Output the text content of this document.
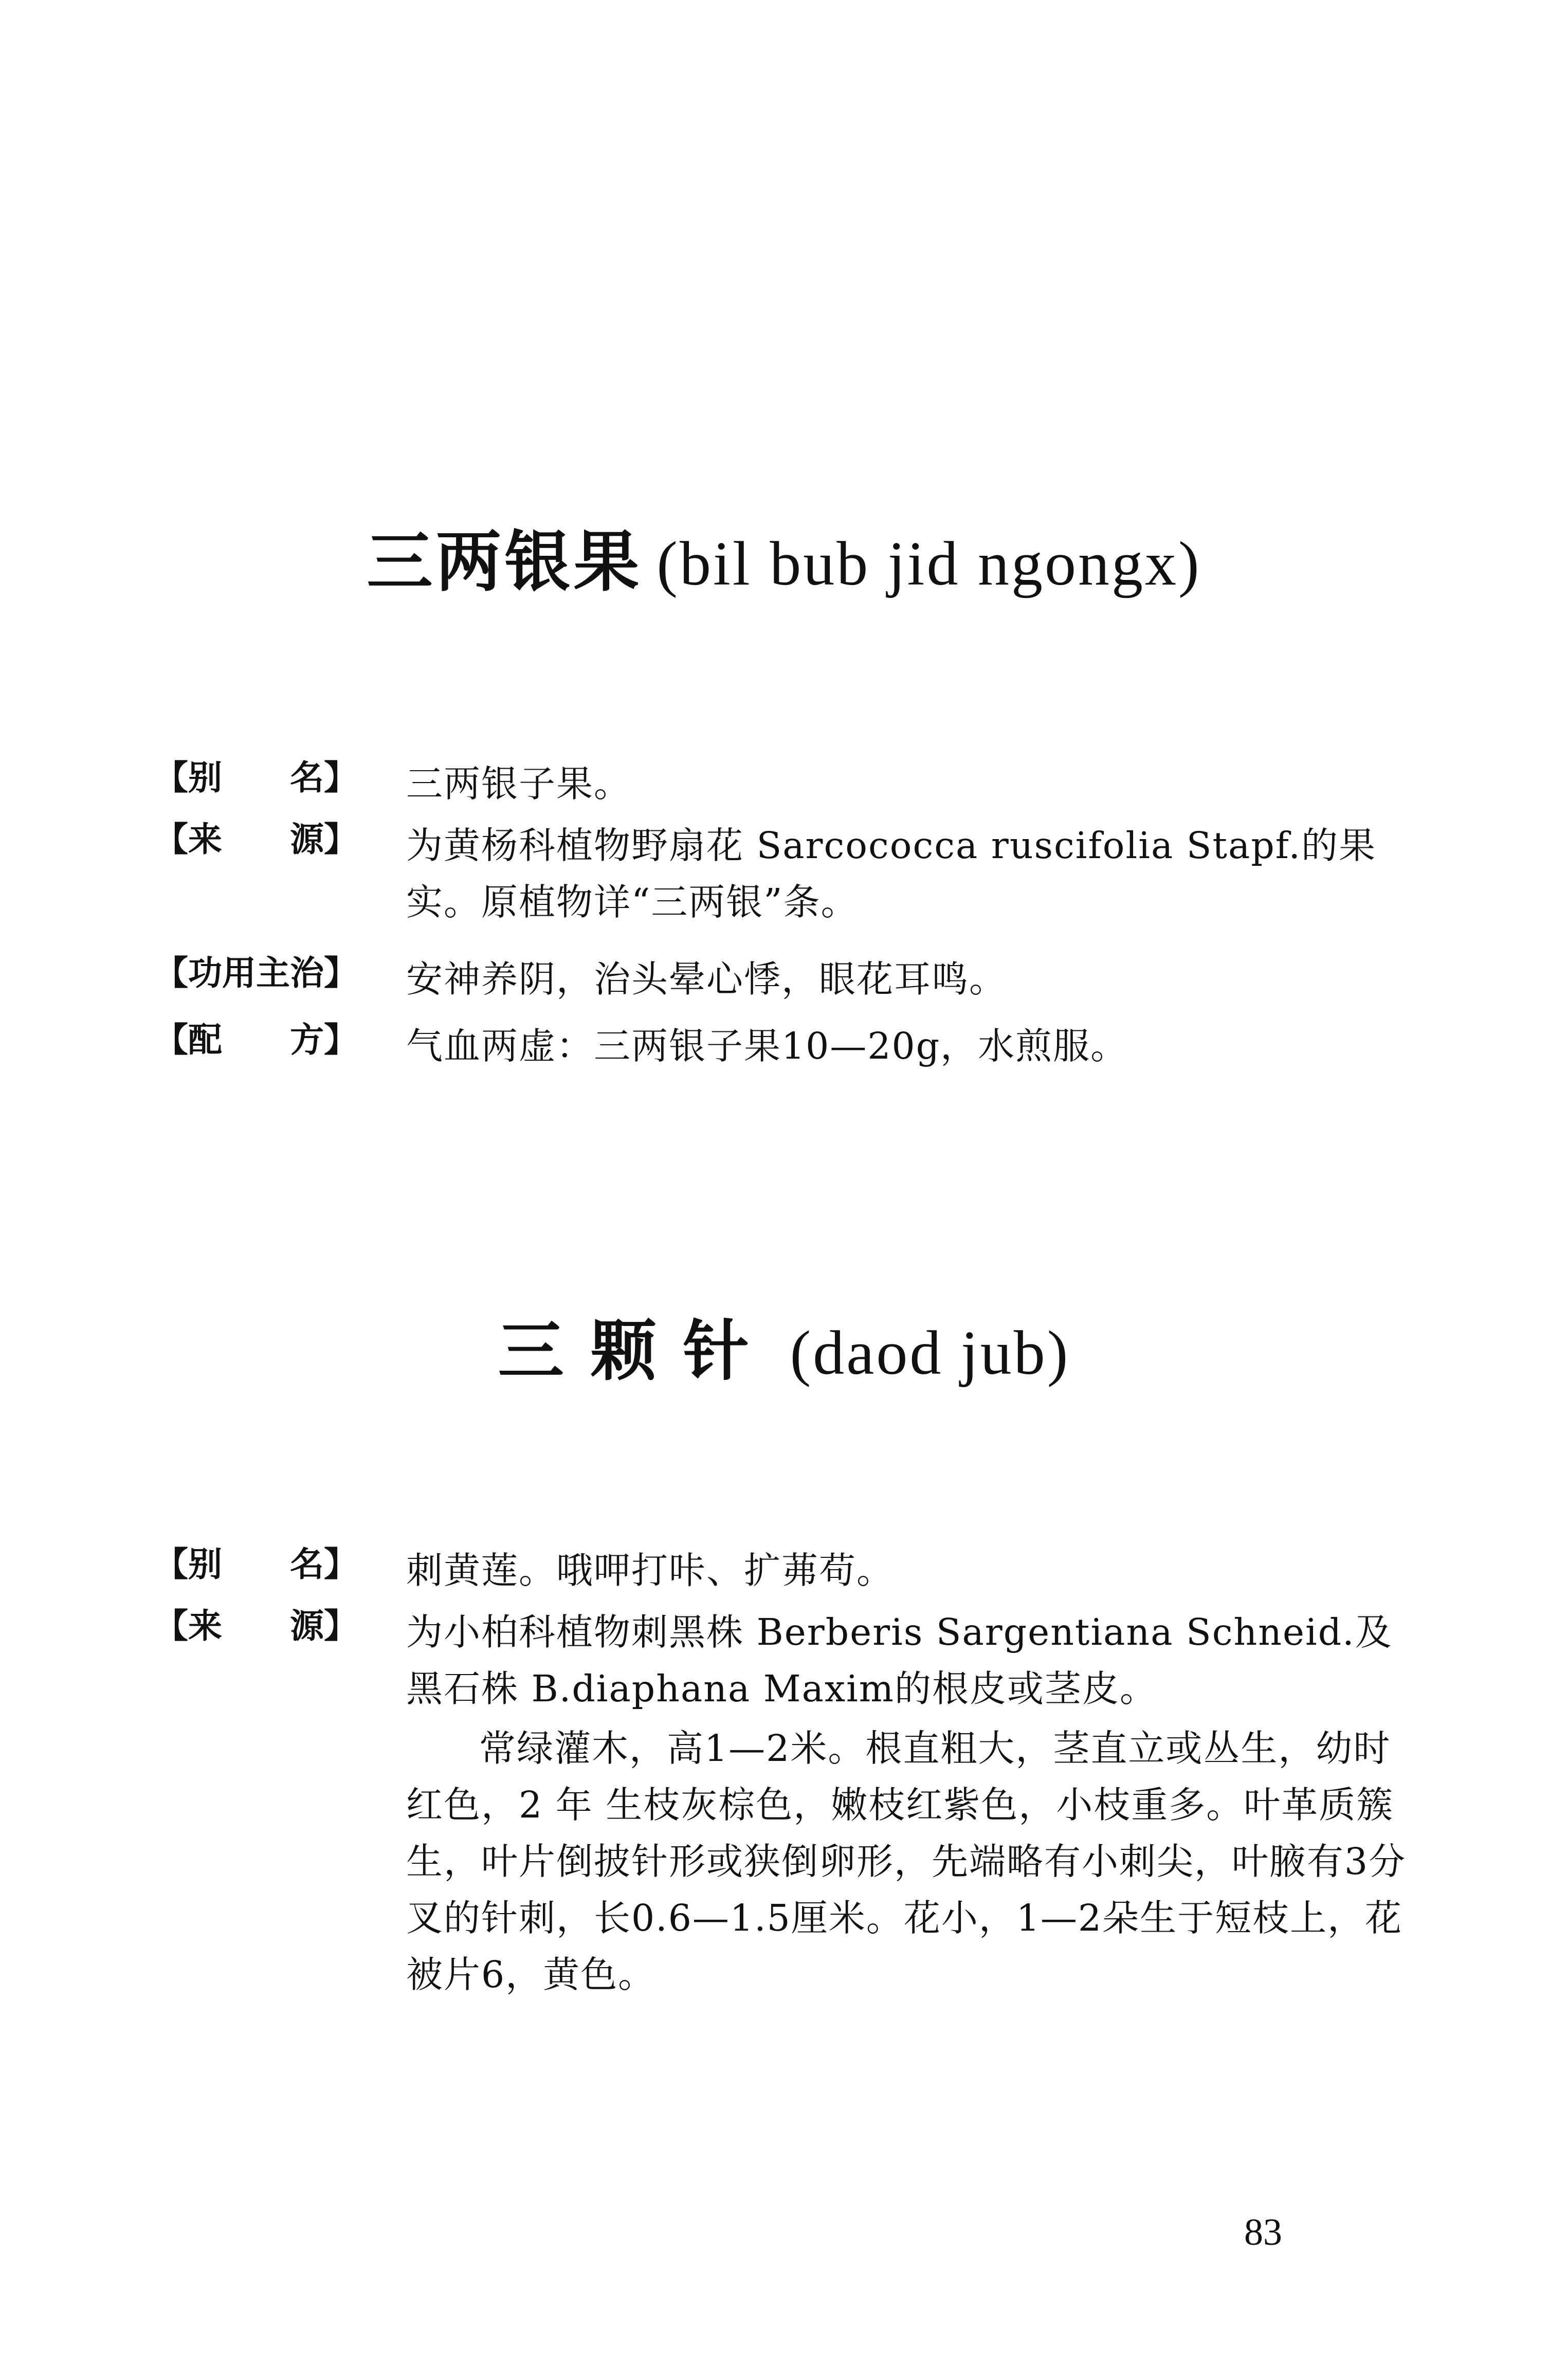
三两银果 (bil bub jid ngongx)
【别　　名】	三两银子果。
【来　　源】	为黄杨科植物野扇花 Sarcococca ruscifolia Stapf.的果实。原植物详“三两银”条。
【功用主治】	安神养阴，治头晕心悸，眼花耳鸣。
【配　　方】	气血两虚：三两银子果10—20g，水煎服。
三颗针 (daod jub)
【别　　名】	刺黄莲。哦呷打咔、扩茀苟。
【来　　源】	为小柏科植物刺黑株 Berberis Sargentiana Schneid.及黑石株 B.diaphana Maxim的根皮或茎皮。
常绿灌木，高1—2米。根直粗大，茎直立或丛生，幼时红色，2 年 生枝灰棕色，嫩枝红紫色，小枝重多。叶革质簇生，叶片倒披针形或狭倒卵形，先端略有小刺尖，叶腋有3分叉的针刺，长0.6—1.5厘米。花小，1—2朵生于短枝上，花被片6，黄色。
83
